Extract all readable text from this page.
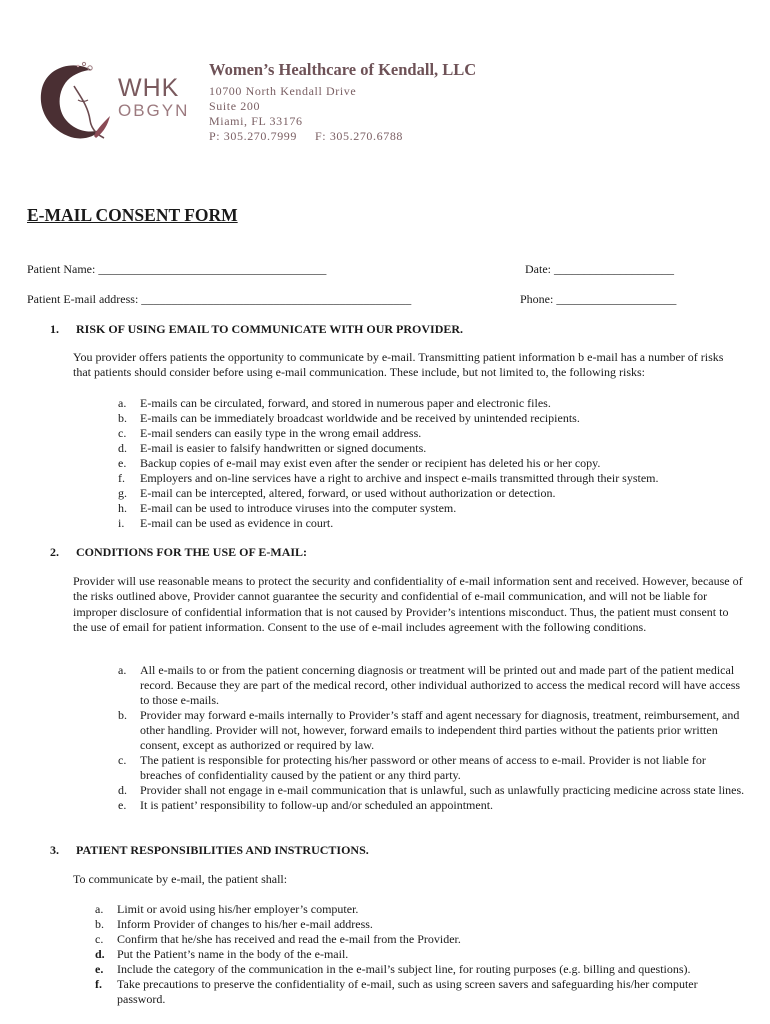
WHK
OBGYN
Women’s Healthcare of Kendall, LLC
10700 North Kendall Drive
Suite 200
Miami, FL 33176
P: 305.270.7999     F: 305.270.6788
E-MAIL CONSENT FORM
Patient Name: ______________________________________	Date: ____________________
Patient E-mail address: _____________________________________________	Phone: ____________________
1. RISK OF USING EMAIL TO COMMUNICATE WITH OUR PROVIDER.
You provider offers patients the opportunity to communicate by e-mail. Transmitting patient information b e-mail has a number of risks that patients should consider before using e-mail communication. These include, but not limited to, the following risks:
a. E-mails can be circulated, forward, and stored in numerous paper and electronic files.
b. E-mails can be immediately broadcast worldwide and be received by unintended recipients.
c. E-mail senders can easily type in the wrong email address.
d. E-mail is easier to falsify handwritten or signed documents.
e. Backup copies of e-mail may exist even after the sender or recipient has deleted his or her copy.
f. Employers and on-line services have a right to archive and inspect e-mails transmitted through their system.
g. E-mail can be intercepted, altered, forward, or used without authorization or detection.
h. E-mail can be used to introduce viruses into the computer system.
i. E-mail can be used as evidence in court.
2. CONDITIONS FOR THE USE OF E-MAIL:
Provider will use reasonable means to protect the security and confidentiality of e-mail information sent and received. However, because of the risks outlined above, Provider cannot guarantee the security and confidential of e-mail communication, and will not be liable for improper disclosure of confidential information that is not caused by Provider’s intentions misconduct. Thus, the patient must consent to the use of email for patient information. Consent to the use of e-mail includes agreement with the following conditions.
a. All e-mails to or from the patient concerning diagnosis or treatment will be printed out and made part of the patient medical record. Because they are part of the medical record, other individual authorized to access the medical record will have access to those e-mails.
b. Provider may forward e-mails internally to Provider’s staff and agent necessary for diagnosis, treatment, reimbursement, and other handling. Provider will not, however, forward emails to independent third parties without the patients prior written consent, except as authorized or required by law.
c. The patient is responsible for protecting his/her password or other means of access to e-mail. Provider is not liable for breaches of confidentiality caused by the patient or any third party.
d. Provider shall not engage in e-mail communication that is unlawful, such as unlawfully practicing medicine across state lines.
e. It is patient’ responsibility to follow-up and/or scheduled an appointment.
3. PATIENT RESPONSIBILITIES AND INSTRUCTIONS.
To communicate by e-mail, the patient shall:
a. Limit or avoid using his/her employer’s computer.
b. Inform Provider of changes to his/her e-mail address.
c. Confirm that he/she has received and read the e-mail from the Provider.
d. Put the Patient’s name in the body of the e-mail.
e. Include the category of the communication in the e-mail’s subject line, for routing purposes (e.g. billing and questions).
f. Take precautions to preserve the confidentiality of e-mail, such as using screen savers and safeguarding his/her computer password.
